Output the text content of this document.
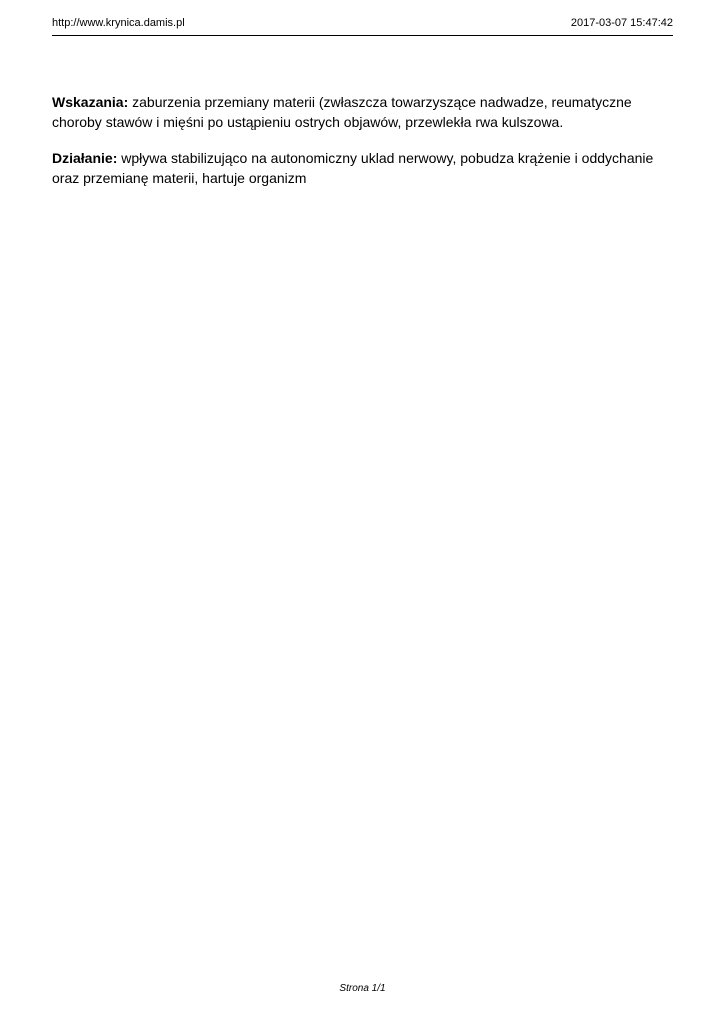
http://www.krynica.damis.pl	2017-03-07 15:47:42

Wskazania: zaburzenia przemiany materii (zwłaszcza towarzyszące nadwadze, reumatyczne choroby stawów i mięśni po ustąpieniu ostrych objawów, przewlekła rwa kulszowa.

Działanie: wpływa stabilizująco na autonomiczny uklad nerwowy, pobudza krążenie i oddychanie oraz przemianę materii, hartuje organizm

Strona 1/1
